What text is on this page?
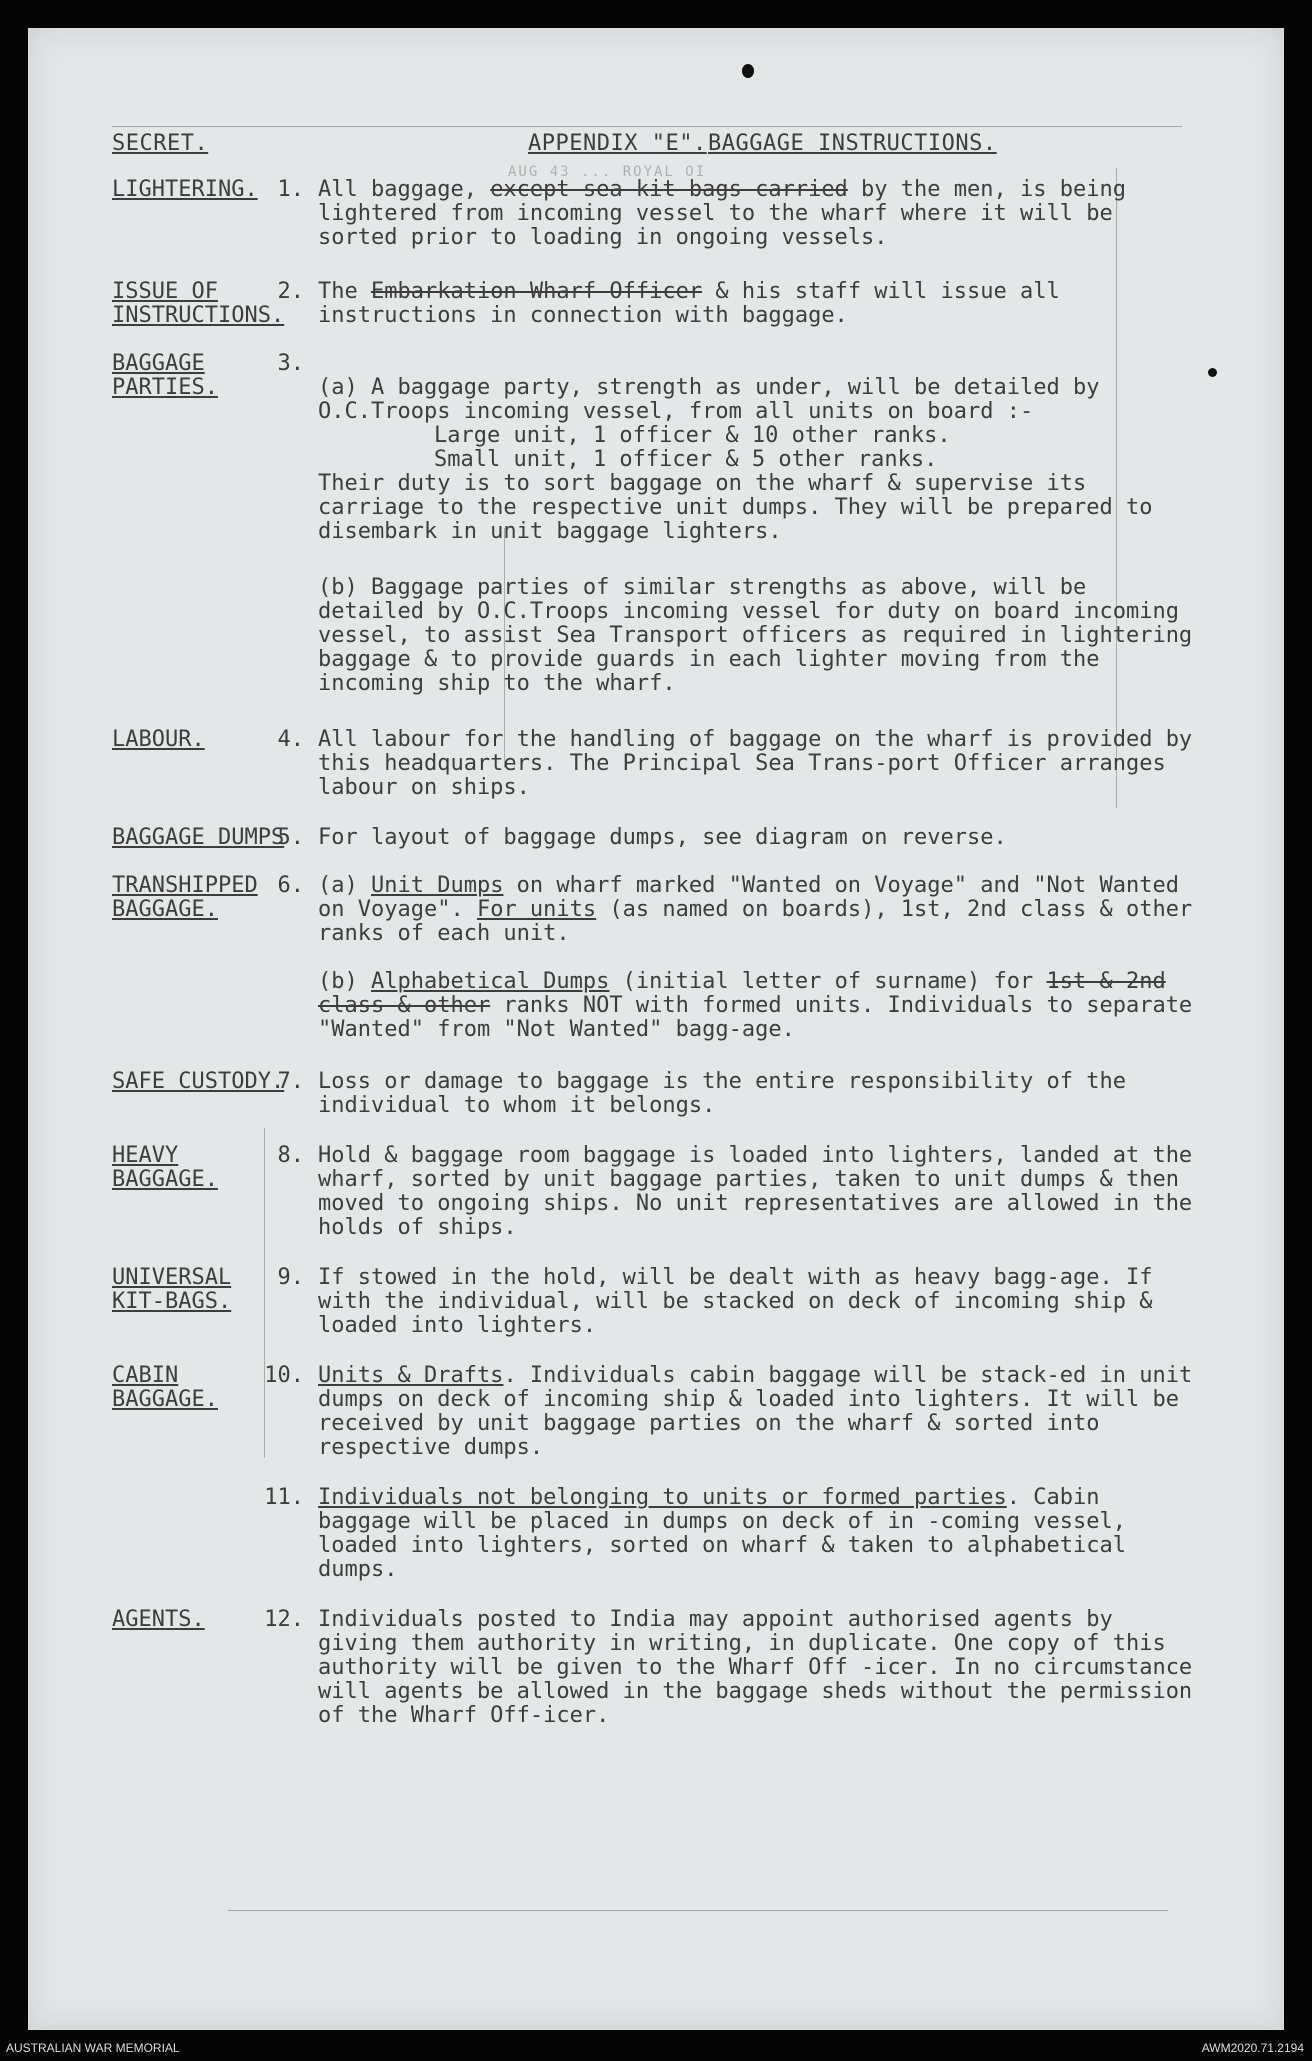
AUG 43 ... ROYAL OI
SECRET.	APPENDIX "E". BAGGAGE INSTRUCTIONS.
LIGHTERING. 1. All baggage, except sea kit-bags carried by the men, is being lightered from incoming vessel to the wharf where it will be sorted prior to loading in ongoing vessels.
ISSUE OF
INSTRUCTIONS.
2. The Embarkation Wharf Officer & his staff will issue all instructions in connection with baggage.
BAGGAGE
PARTIES.
3.

(a) A baggage party, strength as under, will be detailed by O.C.Troops incoming vessel, from all units on board :-

Large unit, 1 officer & 10 other ranks.
Small unit, 1 officer & 5 other ranks.
Their duty is to sort baggage on the wharf & supervise its carriage to the respective unit dumps. They will be prepared to disembark in unit baggage lighters.

(b) Baggage parties of similar strengths as above, will be detailed by O.C.Troops incoming vessel for duty on board incoming vessel, to assist Sea Transport officers as required in lightering baggage & to provide guards in each lighter moving from the incoming ship to the wharf.
LABOUR.	4. All labour for the handling of baggage on the wharf is provided by this headquarters. The Principal Sea Trans-port Officer arranges labour on ships.
BAGGAGE DUMPS
5. For layout of baggage dumps, see diagram on reverse.
TRANSHIPPED
BAGGAGE.
6. (a) Unit Dumps on wharf marked "Wanted on Voyage" and "Not Wanted on Voyage". For units (as named on boards), 1st, 2nd class & other ranks of each unit.
(b) Alphabetical Dumps (initial letter of surname) for 1st & 2nd class & other ranks NOT with formed units. Individuals to separate "Wanted" from "Not Wanted" bagg-age.
SAFE CUSTODY.
7. Loss or damage to baggage is the entire responsibility of the individual to whom it belongs.
HEAVY BAGGAGE.
8. Hold & baggage room baggage is loaded into lighters, landed at the wharf, sorted by unit baggage parties, taken to unit dumps & then moved to ongoing ships. No unit representatives are allowed in the holds of ships.
UNIVERSAL
KIT-BAGS.
9. If stowed in the hold, will be dealt with as heavy bagg-age. If with the individual, will be stacked on deck of incoming ship & loaded into lighters.
CABIN BAGGAGE.
10. Units & Drafts. Individuals cabin baggage will be stack-ed in unit dumps on deck of incoming ship & loaded into lighters. It will be received by unit baggage parties on the wharf & sorted into respective dumps.
11. Individuals not belonging to units or formed parties. Cabin baggage will be placed in dumps on deck of in -coming vessel, loaded into lighters, sorted on wharf & taken to alphabetical dumps.
AGENTS.	12. Individuals posted to India may appoint authorised agents by giving them authority in writing, in duplicate. One copy of this authority will be given to the Wharf Off -icer. In no circumstance will agents be allowed in the baggage sheds without the permission of the Wharf Off-icer.
AUSTRALIAN WAR MEMORIAL	AWM2020.71.2194
